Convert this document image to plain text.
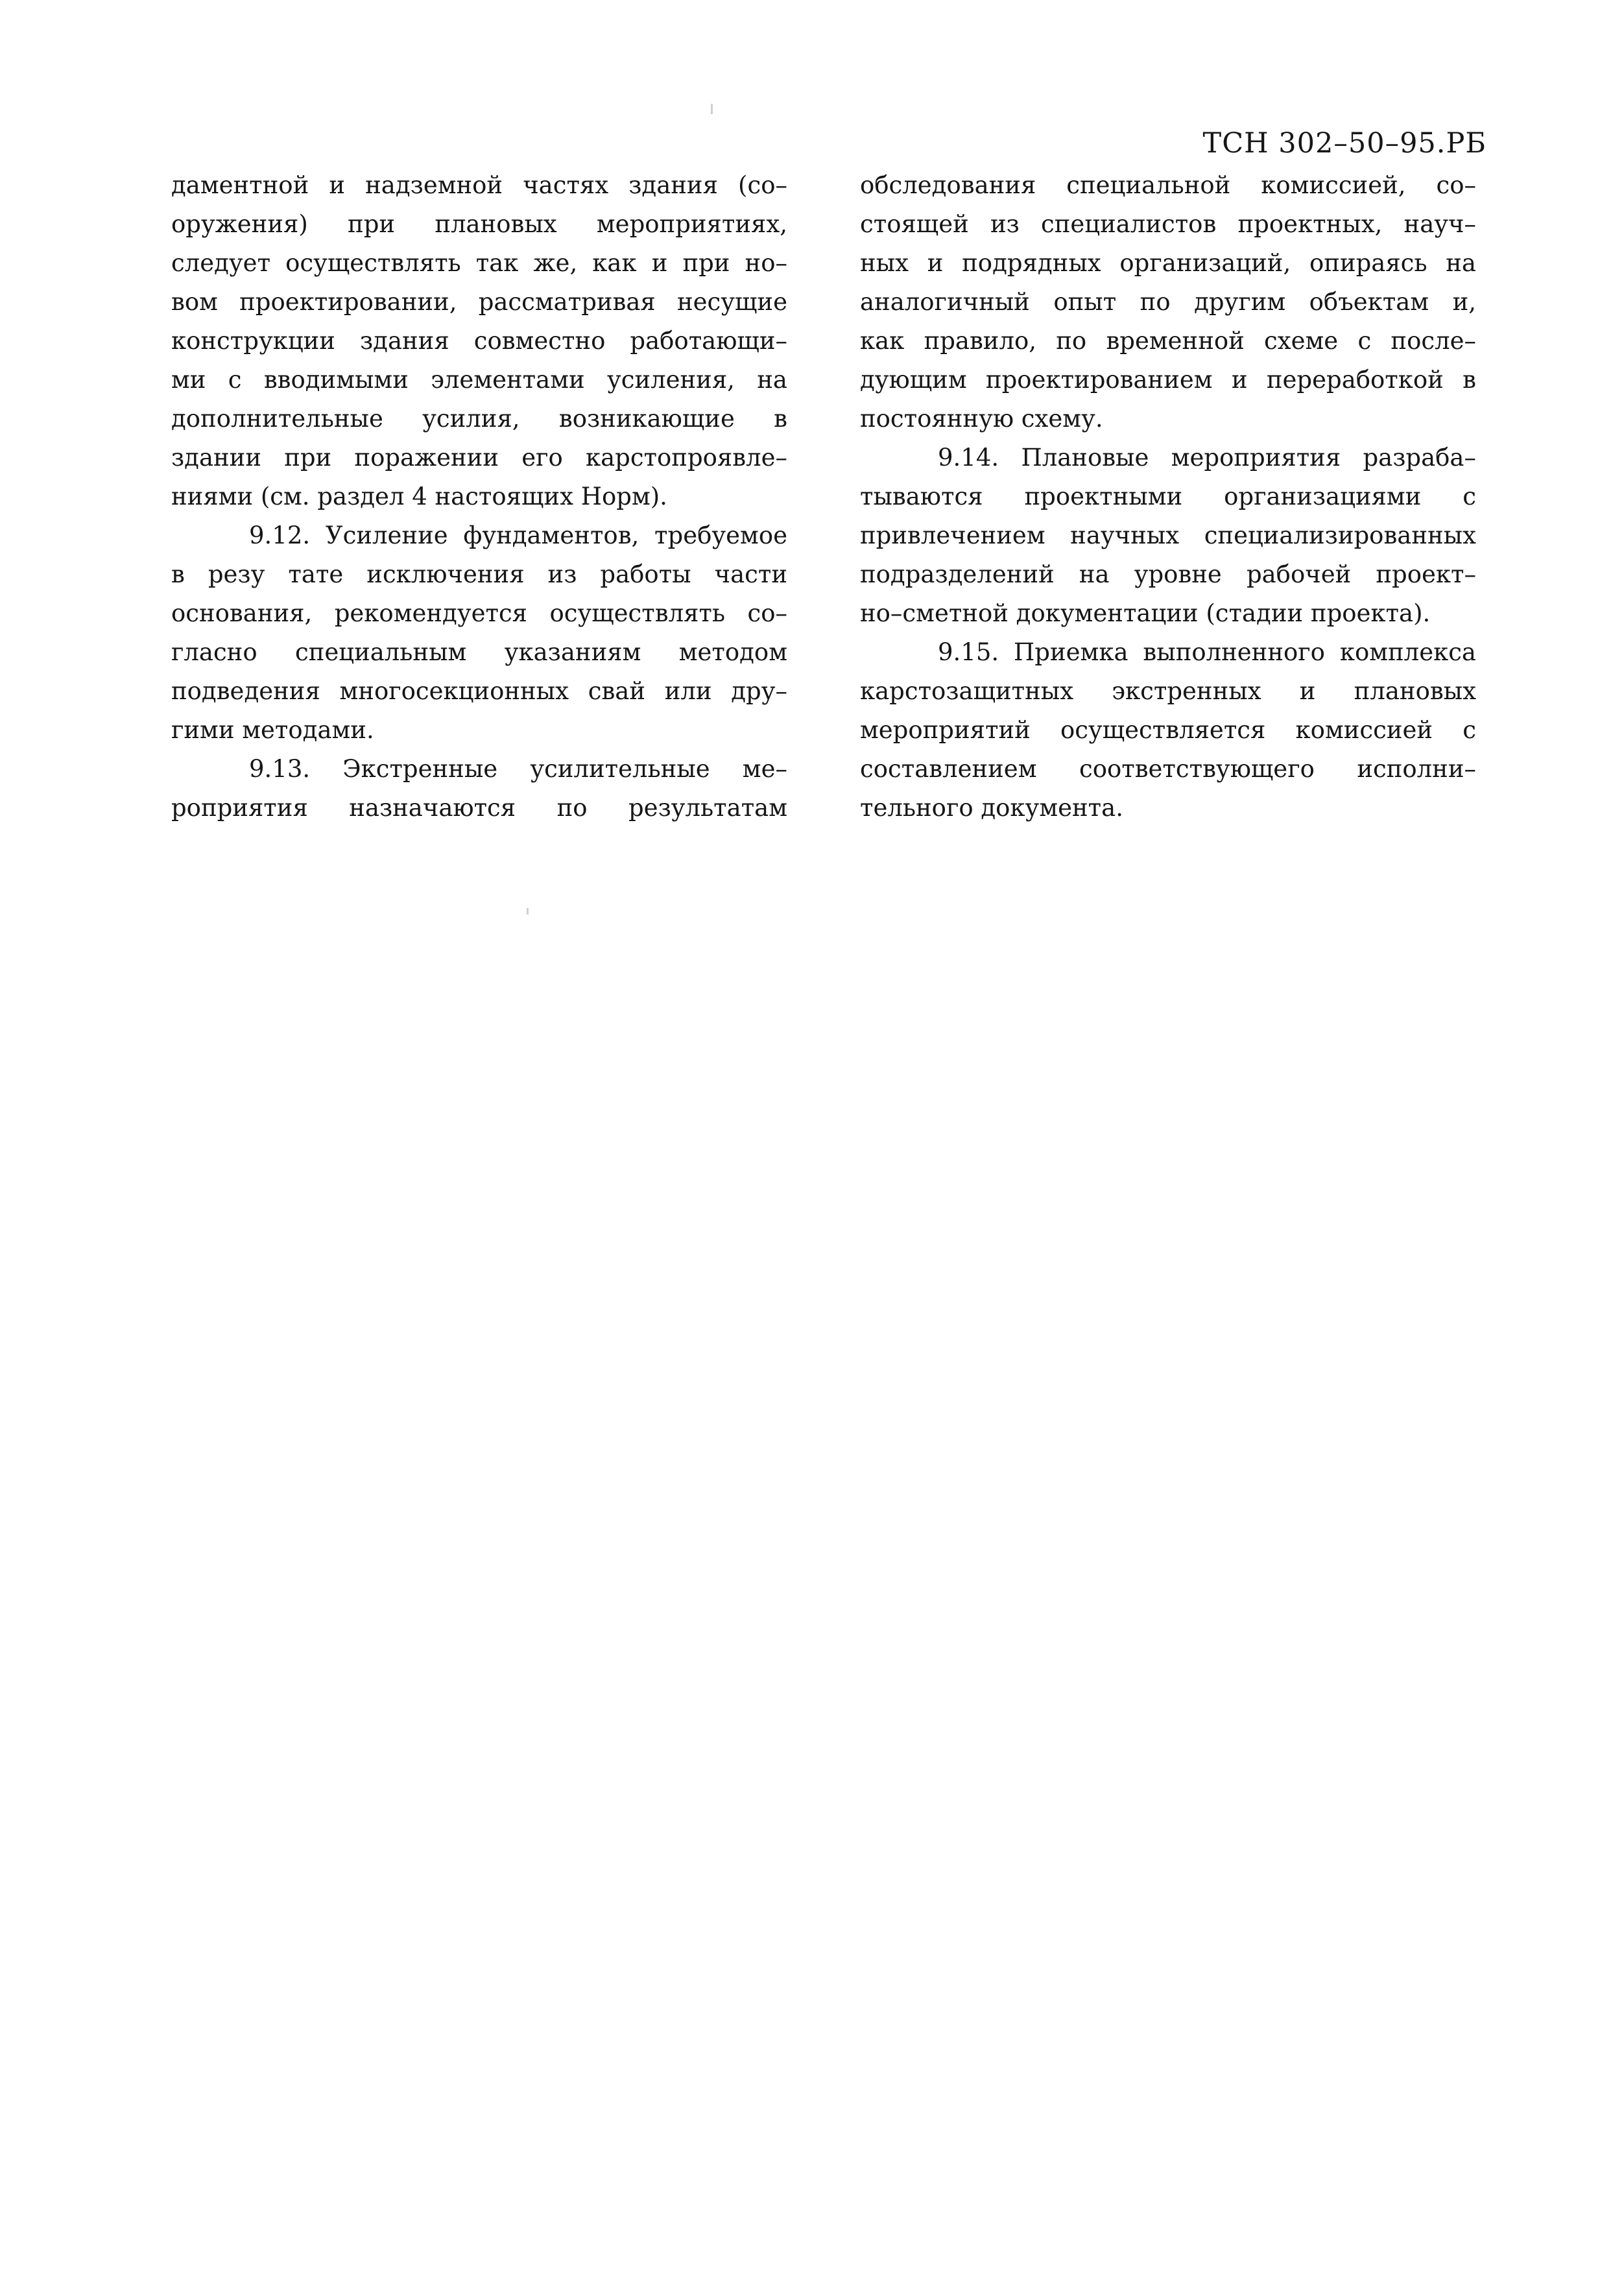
ТСН 302–50–95.РБ
даментной и надземной частях здания (со–
оружения) при плановых мероприятиях,
следует осуществлять так же, как и при но–
вом проектировании, рассматривая несущие
конструкции здания совместно работающи–
ми с вводимыми элементами усиления, на
дополнительные усилия, возникающие в
здании при поражении его карстопроявле–
ниями (см. раздел 4 настоящих Норм).
9.12. Усиление фундаментов, требуемое
в резу тате исключения из работы части
основания, рекомендуется осуществлять со–
гласно специальным указаниям методом
подведения многосекционных свай или дру–
гими методами.
9.13. Экстренные усилительные ме–
роприятия назначаются по результатам
обследования специальной комиссией, со–
стоящей из специалистов проектных, науч–
ных и подрядных организаций, опираясь на
аналогичный опыт по другим объектам и,
как правило, по временной схеме с после–
дующим проектированием и переработкой в
постоянную схему.
9.14. Плановые мероприятия разраба–
тываются проектными организациями с
привлечением научных специализированных
подразделений на уровне рабочей проект–
но–сметной документации (стадии проекта).
9.15. Приемка выполненного комплекса
карстозащитных экстренных и плановых
мероприятий осуществляется комиссией с
составлением соответствующего исполни–
тельного документа.
